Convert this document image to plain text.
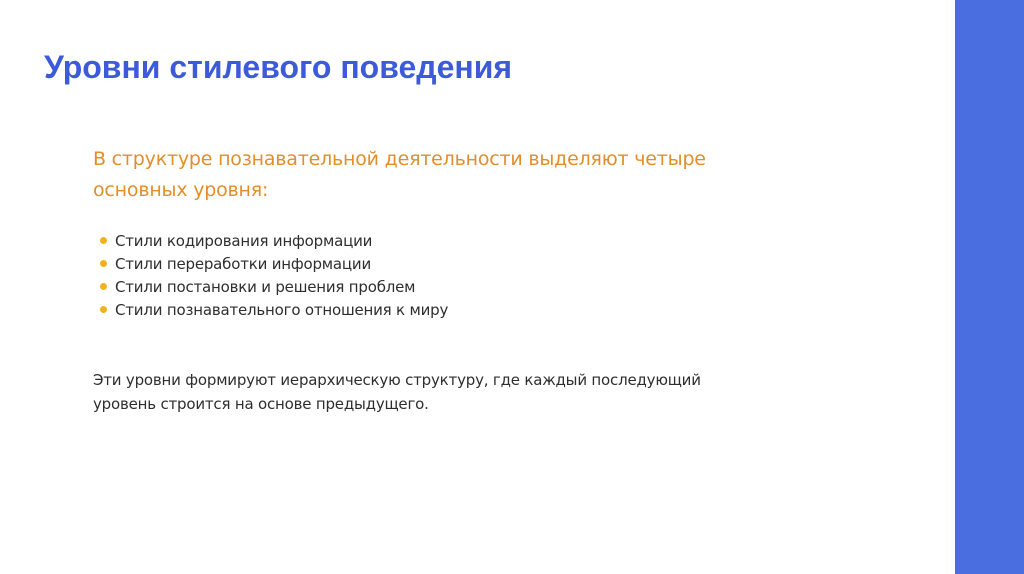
Уровни стилевого поведения

В структуре познавательной деятельности выделяют четыре основных уровня:

Стили кодирования информации
Стили переработки информации
Стили постановки и решения проблем
Стили познавательного отношения к миру

Эти уровни формируют иерархическую структуру, где каждый последующий уровень строится на основе предыдущего.
